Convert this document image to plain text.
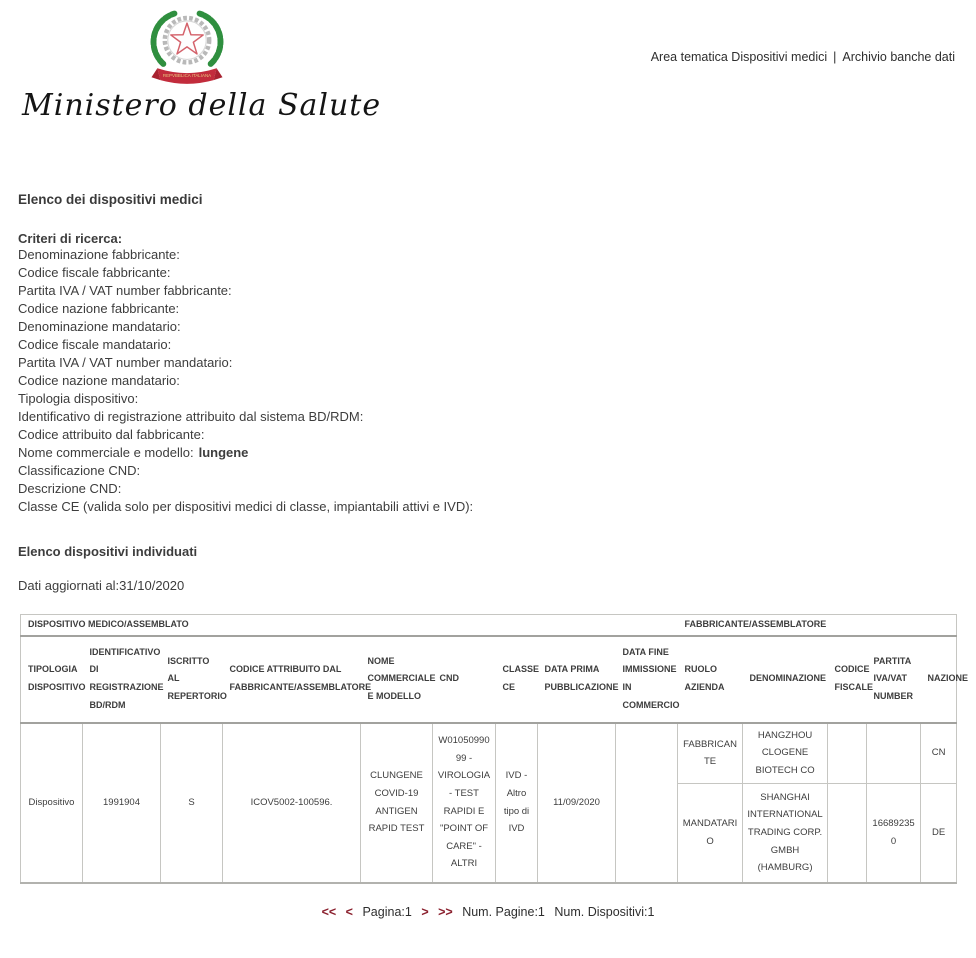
REPVBBLICA ITALIANA
Ministero della Salute
Area tematica Dispositivi medici | Archivio banche dati
Elenco dei dispositivi medici
Criteri di ricerca:
Denominazione fabbricante:
Codice fiscale fabbricante:
Partita IVA / VAT number fabbricante:
Codice nazione fabbricante:
Denominazione mandatario:
Codice fiscale mandatario:
Partita IVA / VAT number mandatario:
Codice nazione mandatario:
Tipologia dispositivo:
Identificativo di registrazione attribuito dal sistema BD/RDM:
Codice attribuito dal fabbricante:
Nome commerciale e modello: lungene
Classificazione CND:
Descrizione CND:
Classe CE (valida solo per dispositivi medici di classe, impiantabili attivi e IVD):
Elenco dispositivi individuati
Dati aggiornati al:31/10/2020
DISPOSITIVO MEDICO/ASSEMBLATO									FABBRICANTE/ASSEMBLATORE				
TIPOLOGIA DISPOSITIVO	IDENTIFICATIVO DI REGISTRAZIONE BD/RDM	ISCRITTO AL REPERTORIO	CODICE ATTRIBUITO DAL FABBRICANTE/ASSEMBLATORE	NOME COMMERCIALE E MODELLO	CND	CLASSE CE	DATA PRIMA PUBBLICAZIONE	DATA FINE IMMISSIONE IN COMMERCIO	RUOLO AZIENDA	DENOMINAZIONE	CODICE FISCALE	PARTITA IVA/VAT NUMBER	NAZIONE
Dispositivo	1991904	S	ICOV5002-100596.	CLUNGENE COVID-19 ANTIGEN RAPID TEST	W0105099099 - VIROLOGIA - TEST RAPIDI E "POINT OF CARE" - ALTRI	IVD - Altro tipo di IVD	11/09/2020		FABBRICANTE	HANGZHOU CLOGENE BIOTECH CO			CN
									MANDATARIO	SHANGHAI INTERNATIONAL TRADING CORP. GMBH (HAMBURG)		166892350	DE
<< < Pagina:1 > >> Num. Pagine:1 Num. Dispositivi:1
